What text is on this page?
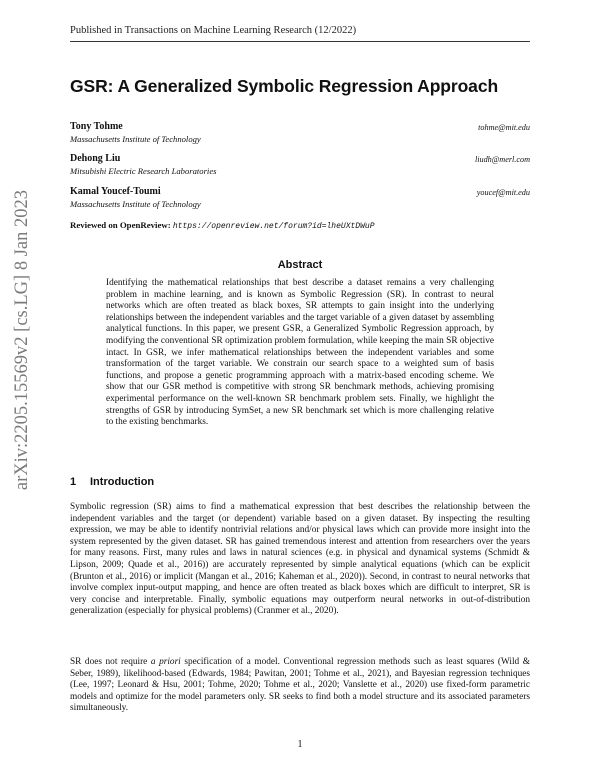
Published in Transactions on Machine Learning Research (12/2022)
GSR: A Generalized Symbolic Regression Approach
Tony Tohme
Massachusetts Institute of Technology
tohme@mit.edu
Dehong Liu
Mitsubishi Electric Research Laboratories
liudh@merl.com
Kamal Youcef-Toumi
Massachusetts Institute of Technology
youcef@mit.edu
Reviewed on OpenReview: https://openreview.net/forum?id=lheUXtDWuP
arXiv:2205.15569v2 [cs.LG] 8 Jan 2023	Abstract
Identifying the mathematical relationships that best describe a dataset remains a very challenging problem in machine learning, and is known as Symbolic Regression (SR). In contrast to neural networks which are often treated as black boxes, SR attempts to gain insight into the underlying relationships between the independent variables and the target variable of a given dataset by assembling analytical functions. In this paper, we present GSR, a Generalized Symbolic Regression approach, by modifying the conventional SR optimization problem formulation, while keeping the main SR objective intact. In GSR, we infer mathematical relationships between the independent variables and some transformation of the target variable. We constrain our search space to a weighted sum of basis functions, and propose a genetic programming approach with a matrix-based encoding scheme. We show that our GSR method is competitive with strong SR benchmark methods, achieving promising experimental performance on the well-known SR benchmark problem sets. Finally, we highlight the strengths of GSR by introducing SymSet, a new SR benchmark set which is more challenging relative to the existing benchmarks.
1 Introduction
Symbolic regression (SR) aims to find a mathematical expression that best describes the relationship between the independent variables and the target (or dependent) variable based on a given dataset. By inspecting the resulting expression, we may be able to identify nontrivial relations and/or physical laws which can provide more insight into the system represented by the given dataset. SR has gained tremendous interest and attention from researchers over the years for many reasons. First, many rules and laws in natural sciences (e.g. in physical and dynamical systems (Schmidt & Lipson, 2009; Quade et al., 2016)) are accurately represented by simple analytical equations (which can be explicit (Brunton et al., 2016) or implicit (Mangan et al., 2016; Kaheman et al., 2020)). Second, in contrast to neural networks that involve complex input-output mapping, and hence are often treated as black boxes which are difficult to interpret, SR is very concise and interpretable. Finally, symbolic equations may outperform neural networks in out-of-distribution generalization (especially for physical problems) (Cranmer et al., 2020).
SR does not require a priori specification of a model. Conventional regression methods such as least squares (Wild & Seber, 1989), likelihood-based (Edwards, 1984; Pawitan, 2001; Tohme et al., 2021), and Bayesian regression techniques (Lee, 1997; Leonard & Hsu, 2001; Tohme, 2020; Tohme et al., 2020; Vanslette et al., 2020) use fixed-form parametric models and optimize for the model parameters only. SR seeks to find both a model structure and its associated parameters simultaneously.
1
